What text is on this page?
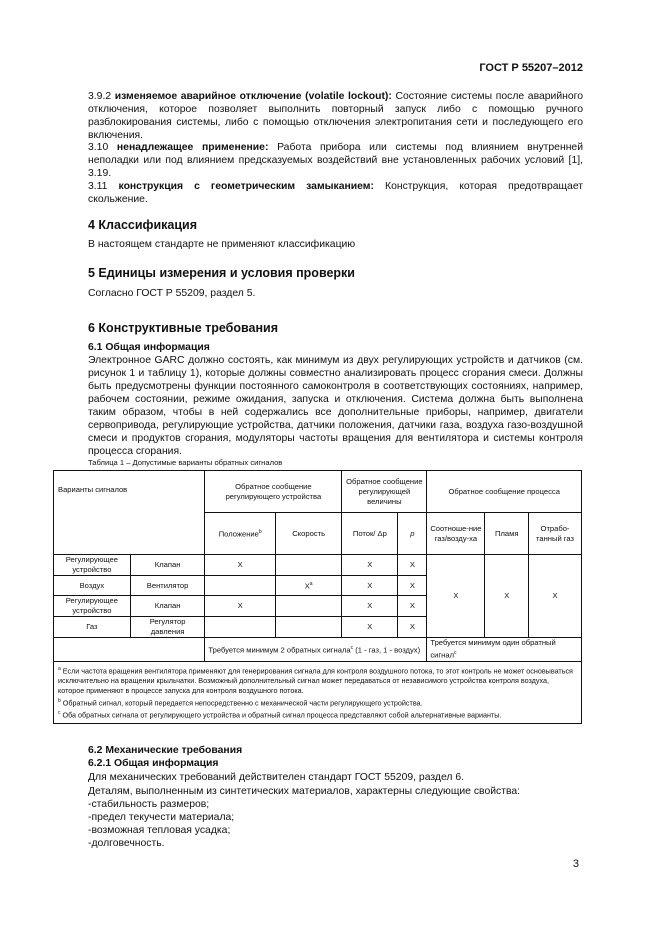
ГОСТ Р 55207–2012
3.9.2 изменяемое аварийное отключение (volatile lockout): Состояние системы после аварийного отключения, которое позволяет выполнить повторный запуск либо с помощью ручного разблокирования системы, либо с помощью отключения электропитания сети и последующего его включения.
3.10 ненадлежащее применение: Работа прибора или системы под влиянием внутренней неполадки или под влиянием предсказуемых воздействий вне установленных рабочих условий [1], 3.19.
3.11 конструкция с геометрическим замыканием: Конструкция, которая предотвращает скольжение.
4 Классификация
В настоящем стандарте не применяют классификацию
5 Единицы измерения и условия проверки
Согласно ГОСТ Р 55209, раздел 5.
6 Конструктивные требования
6.1 Общая информация
Электронное GARC должно состоять, как минимум из двух регулирующих устройств и датчиков (см. рисунок 1 и таблицу 1), которые должны совместно анализировать процесс сгорания смеси. Должны быть предусмотрены функции постоянного самоконтроля в соответствующих состояниях, например, рабочем состоянии, режиме ожидания, запуска и отключения. Система должна быть выполнена таким образом, чтобы в ней содержались все дополнительные приборы, например, двигатели сервопривода, регулирующие устройства, датчики положения, датчики газа, воздуха газо-воздушной смеси и продуктов сгорания, модуляторы частоты вращения для вентилятора и системы контроля процесса сгорания.
Таблица 1 – Допустимые варианты обратных сигналов
Варианты сигналов		Обратное сообщение регулирующего устройства		Обратное сообщение регулирующей величины		Обратное сообщение процесса		
		Положение$^b$	Скорость	Поток/ Δp	p	Соотноше-ние газ/возду-ха	Пламя	Отрабо-танный газ
Регулирующее устройство	Клапан	X		X	X	X	X	X
Воздух	Вентилятор		$X^a$	X	X			
Регулирующее устройство	Клапан	X		X	X			
Газ	Регулятор давления			X	X			
		Требуется минимум 2 обратных сигнала$^c$ (1 - газ, 1 - воздух)				Требуется минимум один обратный сигнал$^c$

$^a$ Если частота вращения вентилятора применяют для генерирования сигнала для контроля воздушного потока, то этот контроль не может основываться исключительно на вращении крыльчатки. Возможный дополнительный сигнал может передаваться от независимого устройства контроля воздуха, которое применяют в процессе запуска для контроля воздушного потока.
$^b$ Обратный сигнал, который передается непосредственно с механической части регулирующего устройства.
$^c$ Оба обратных сигнала от регулирующего устройства и обратный сигнал процесса представляют собой альтернативные варианты.								
6.2 Механические требования
6.2.1 Общая информация
Для механических требований действителен стандарт ГОСТ 55209, раздел 6.
Деталям, выполненным из синтетических материалов, характерны следующие свойства:
-стабильность размеров;
-предел текучести материала;
-возможная тепловая усадка;
-долговечность.
3
